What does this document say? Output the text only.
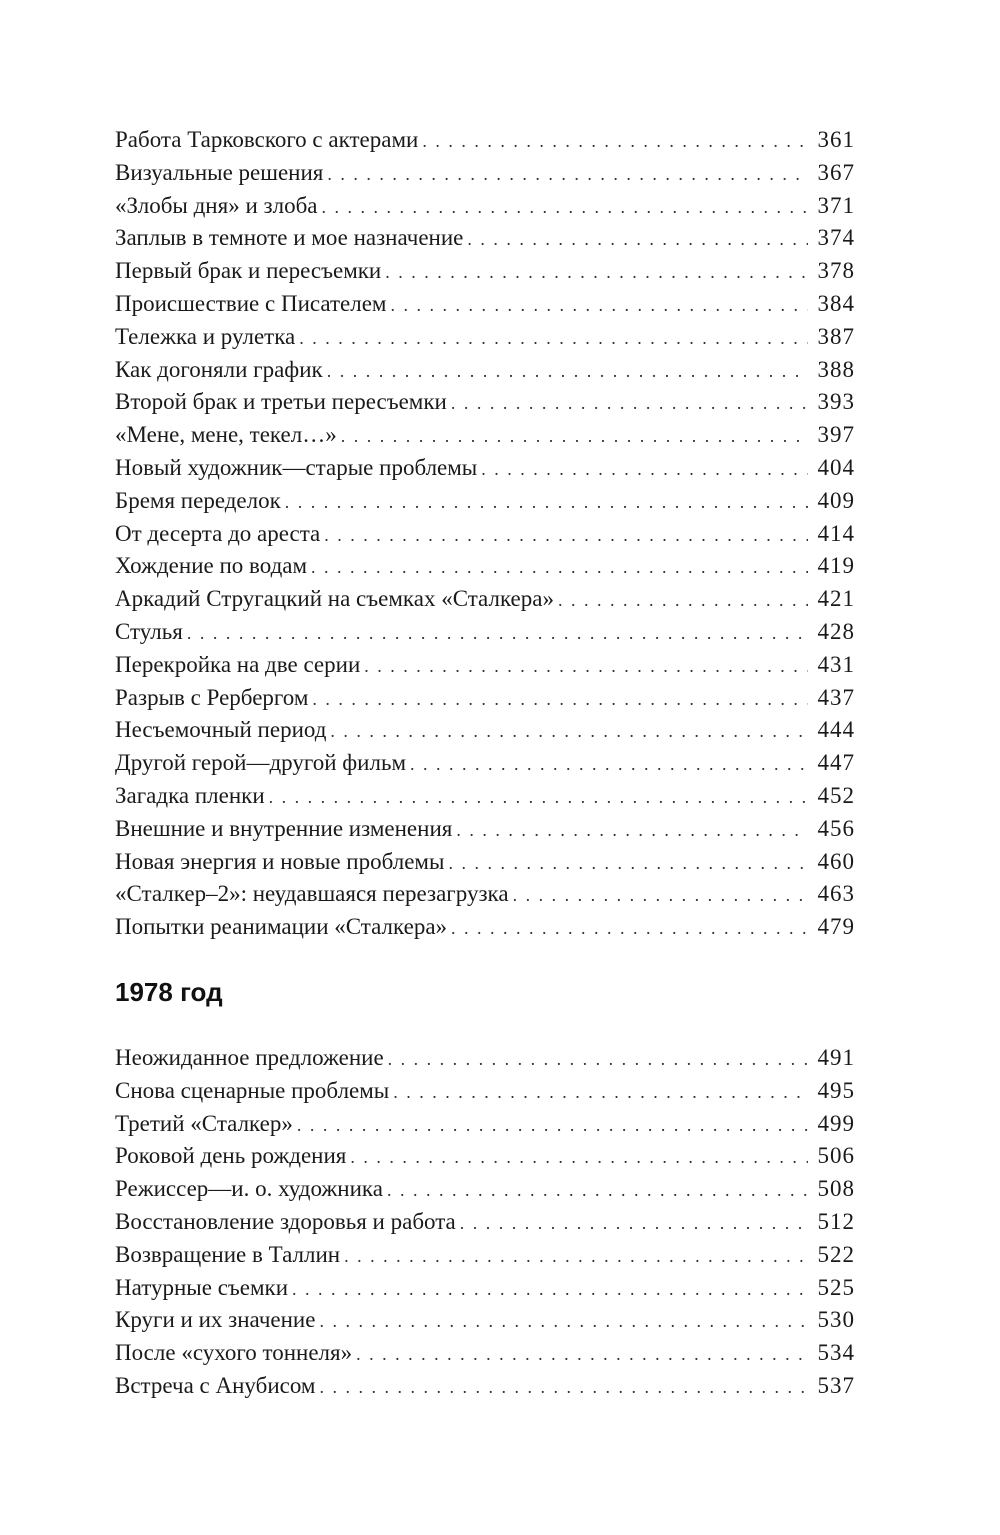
Работа Тарковского с актерами . . .	361
Визуальные решения . . .	367
«Злобы дня» и злоба . . .	371
Заплыв в темноте и мое назначение . . .	374
Первый брак и пересъемки . . .	378
Происшествие с Писателем . . .	384
Тележка и рулетка . . .	387
Как догоняли график . . .	388
Второй брак и третьи пересъемки . . .	393
«Мене, мене, текел…» . . .	397
Новый художник—старые проблемы . . .	404
Бремя переделок . . .	409
От десерта до ареста . . .	414
Хождение по водам . . .	419
Аркадий Стругацкий на съемках «Сталкера» . . .	421
Стулья . . .	428
Перекройка на две серии . . .	431
Разрыв с Рербергом . . .	437
Несъемочный период . . .	444
Другой герой—другой фильм . . .	447
Загадка пленки . . .	452
Внешние и внутренние изменения . . .	456
Новая энергия и новые проблемы . . .	460
«Сталкер–2»: неудавшаяся перезагрузка . . .	463
Попытки реанимации «Сталкера» . . .	479
1978 год
Неожиданное предложение . . .	491
Снова сценарные проблемы . . .	495
Третий «Сталкер» . . .	499
Роковой день рождения . . .	506
Режиссер—и. о. художника . . .	508
Восстановление здоровья и работа . . .	512
Возвращение в Таллин . . .	522
Натурные съемки . . .	525
Круги и их значение . . .	530
После «сухого тоннеля» . . .	534
Встреча с Анубисом . . .	537
